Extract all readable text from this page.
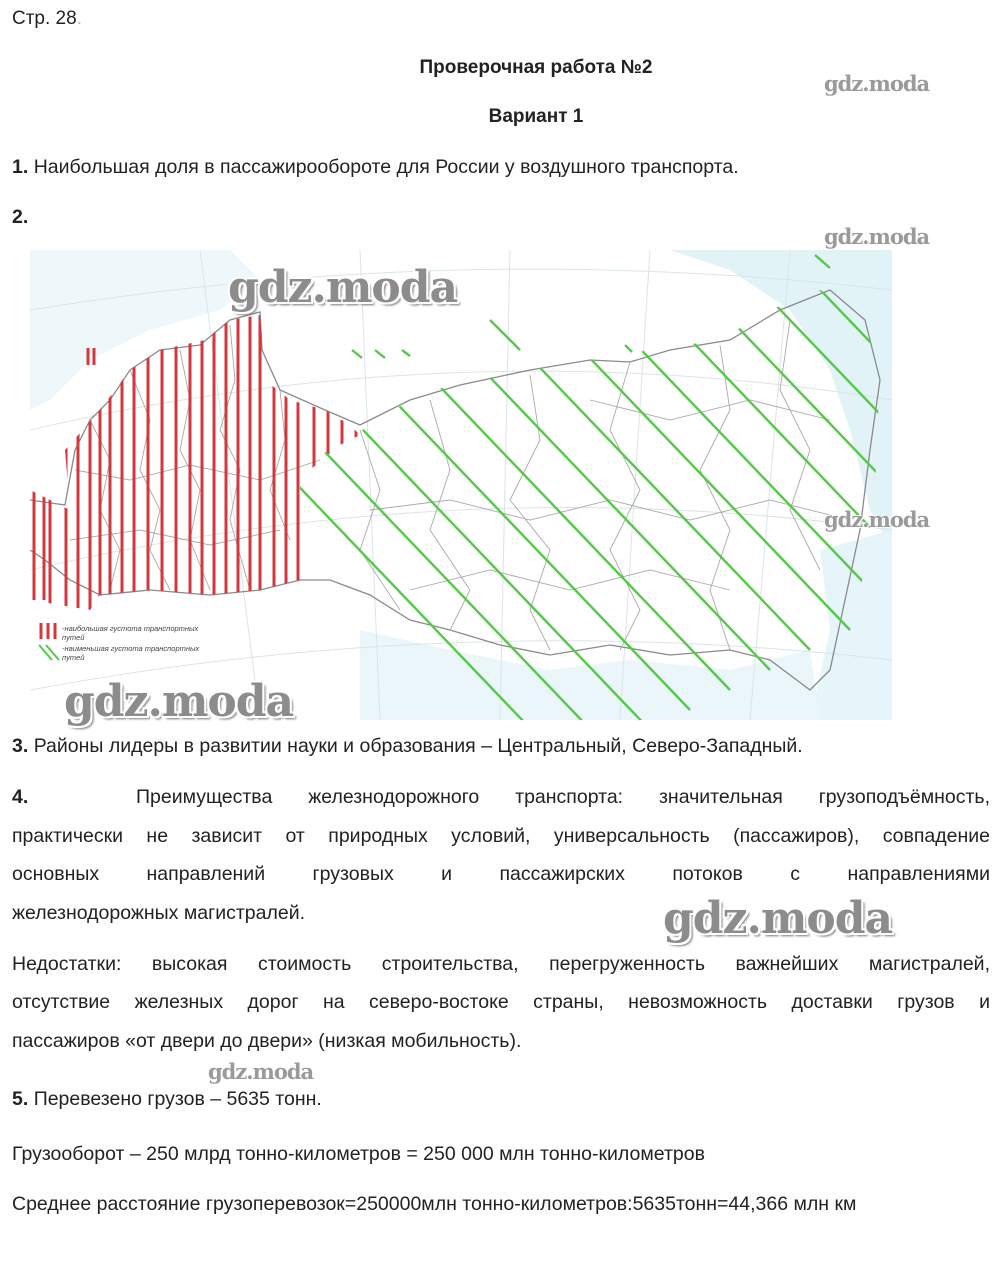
Стр. 28.
Проверочная работа №2
Вариант 1
1. Наибольшая доля в пассажирообороте для России у воздушного транспорта.
2.
-наибольшая густота транспортных
путей
-наименьшая густота транспортных
путей
3. Районы лидеры в развитии науки и образования – Центральный, Северо-Западный.
4.	Преимущества железнодорожного транспорта: значительная грузоподъёмность,
практически не зависит от природных условий, универсальность (пассажиров), совпадение
основных направлений грузовых и пассажирских потоков с направлениями
железнодорожных магистралей.
Недостатки: высокая стоимость строительства, перегруженность важнейших магистралей,
отсутствие железных дорог на северо-востоке страны, невозможность доставки грузов и
пассажиров «от двери до двери» (низкая мобильность).
5. Перевезено грузов – 5635 тонн.
Грузооборот – 250 млрд тонно-километров = 250 000 млн тонно-километров
Среднее расстояние грузоперевозок=250000млн тонно-километров:5635тонн=44,366 млн км
gdz.moda
gdz.moda
gdz.moda
gdz.moda
gdz.moda
gdz.moda
gdz.moda
